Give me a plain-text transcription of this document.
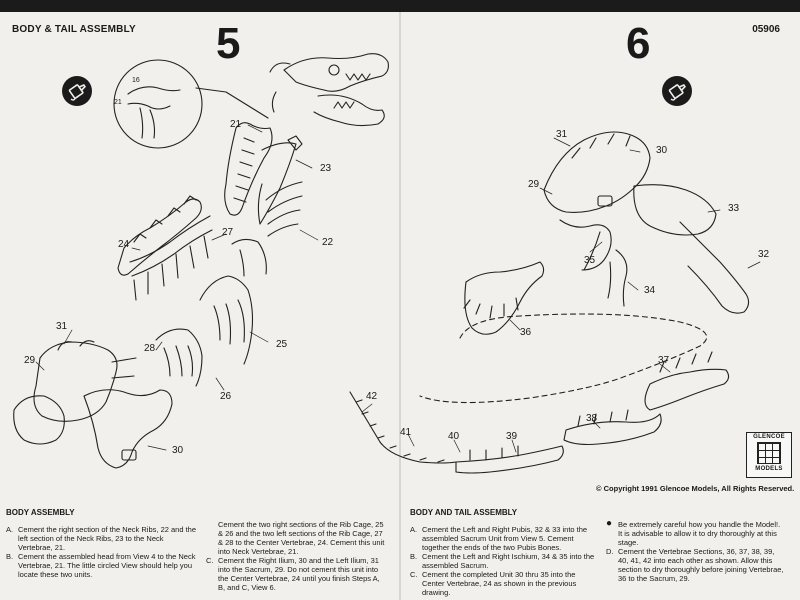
BODY & TAIL ASSEMBLY	05906
5	6
16
21
21
23
22
27
24
28	25
31
29
26
30
31
30
29
33
35
32
34
36
37
42
38
41	40	39	GLENCOE
MODELS
© Copyright 1991 Glencoe Models, All Rights Reserved.
BODY ASSEMBLY
A. Cement the right section of the Neck Ribs, 22 and the left section of the Neck Ribs, 23 to the Neck Vertebrae, 21.
B. Cement the assembled head from View 4 to the Neck Vertebrae, 21. The little circled View should help you locate these two units.
Cement the two right sections of the Rib Cage, 25 & 26 and the two left sections of the Rib Cage, 27 & 28 to the Center Vertebrae, 24. Cement this unit into Neck Vertebrae, 21.
C. Cement the Right Ilium, 30 and the Left Ilium, 31 into the Sacrum, 29. Do not cement this unit into the Center Vertebrae, 24 until you finish Steps A, B, and C, View 6.
BODY AND TAIL ASSEMBLY
A. Cement the Left and Right Pubis, 32 & 33 into the assembled Sacrum Unit from View 5. Cement together the ends of the two Pubis Bones.
B. Cement the Left and Right Ischium, 34 & 35 into the assembled Sacrum.
C. Cement the completed Unit 30 thru 35 into the Center Vertebrae, 24 as shown in the previous drawing.
● Be extremely careful how you handle the Model!. It is advisable to allow it to dry thoroughly at this stage.
D. Cement the Vertebrae Sections, 36, 37, 38, 39, 40, 41, 42 into each other as shown. Allow this section to dry thoroughly before joining Vertebrae, 36 to the Sacrum, 29.
